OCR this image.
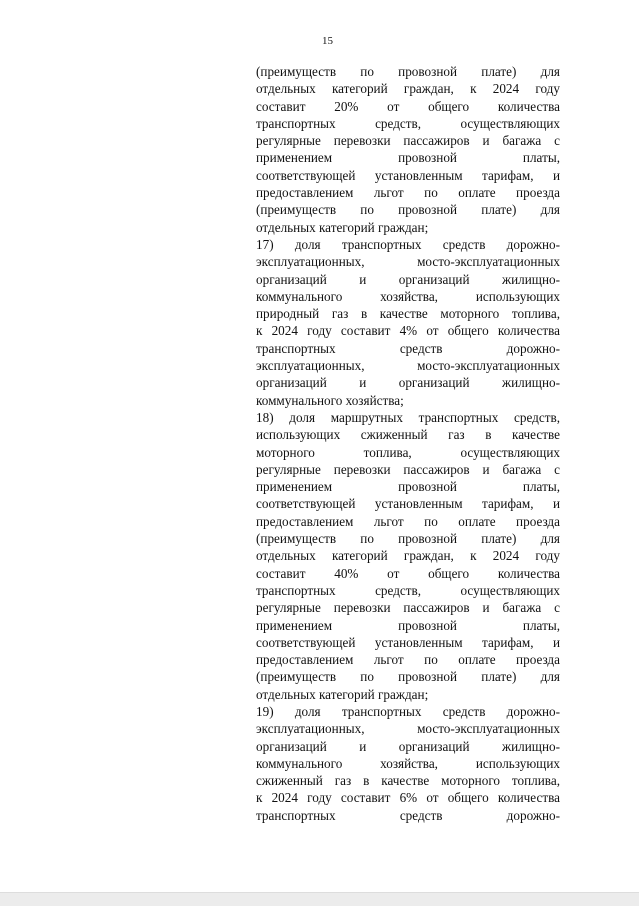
15
(преимуществ по провозной плате) для
отдельных категорий граждан, к 2024 году
составит 20% от общего количества
транспортных средств, осуществляющих
регулярные перевозки пассажиров и багажа с
применением провозной платы,
соответствующей установленным тарифам, и
предоставлением льгот по оплате проезда
(преимуществ по провозной плате) для
отдельных категорий граждан;
17) доля транспортных средств дорожно-
эксплуатационных, мосто-эксплуатационных
организаций и организаций жилищно-
коммунального хозяйства, использующих
природный газ в качестве моторного топлива,
к 2024 году составит 4% от общего количества
транспортных средств дорожно-
эксплуатационных, мосто-эксплуатационных
организаций и организаций жилищно-
коммунального хозяйства;
18) доля маршрутных транспортных средств,
использующих сжиженный газ в качестве
моторного топлива, осуществляющих
регулярные перевозки пассажиров и багажа с
применением провозной платы,
соответствующей установленным тарифам, и
предоставлением льгот по оплате проезда
(преимуществ по провозной плате) для
отдельных категорий граждан, к 2024 году
составит 40% от общего количества
транспортных средств, осуществляющих
регулярные перевозки пассажиров и багажа с
применением провозной платы,
соответствующей установленным тарифам, и
предоставлением льгот по оплате проезда
(преимуществ по провозной плате) для
отдельных категорий граждан;
19) доля транспортных средств дорожно-
эксплуатационных, мосто-эксплуатационных
организаций и организаций жилищно-
коммунального хозяйства, использующих
сжиженный газ в качестве моторного топлива,
к 2024 году составит 6% от общего количества
транспортных средств дорожно-
